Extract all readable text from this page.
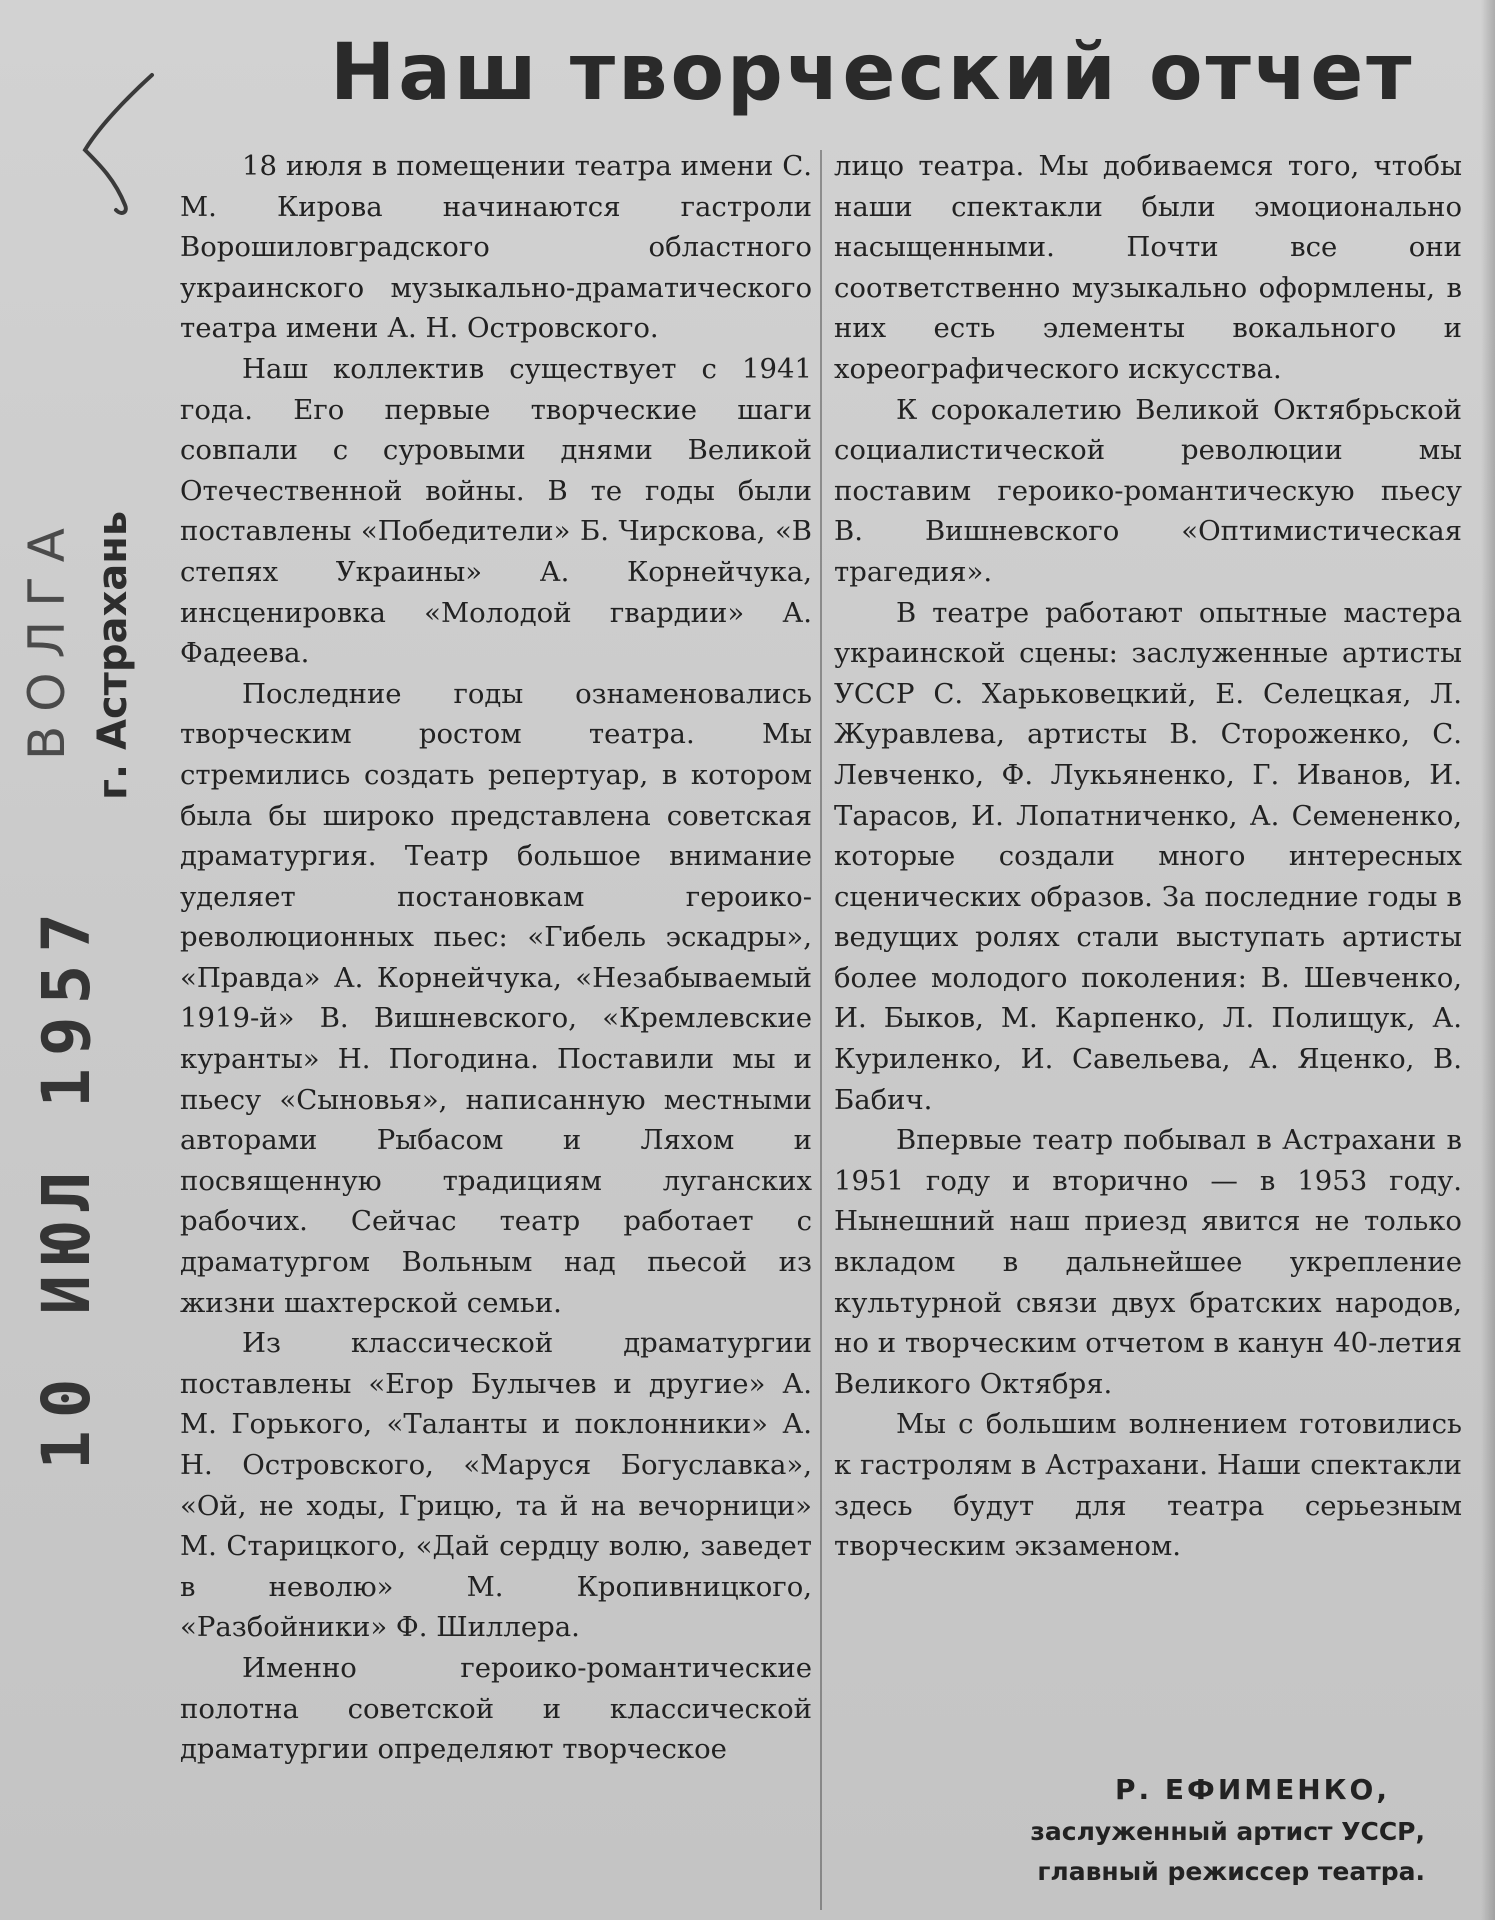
ВОЛГА г. Астрахань
10 ИЮЛ 1957
Наш творческий отчет

18 июля в помещении театра имени С. М. Кирова начинаются гастроли Ворошиловградского областного украинского музыкально-драматического театра имени А. Н. Островского.

Наш коллектив существует с 1941 года. Его первые творческие шаги совпали с суровыми днями Великой Отечественной войны. В те годы были поставлены «Победители» Б. Чирскова, «В степях Украины» А. Корнейчука, инсценировка «Молодой гвардии» А. Фадеева.

Последние годы ознаменовались творческим ростом театра. Мы стремились создать репертуар, в котором была бы широко представлена советская драматургия. Театр большое внимание уделяет постановкам героико-революционных пьес: «Гибель эскадры», «Правда» А. Корнейчука, «Незабываемый 1919-й» В. Вишневского, «Кремлевские куранты» Н. Погодина. Поставили мы и пьесу «Сыновья», написанную местными авторами Рыбасом и Ляхом и посвященную традициям луганских рабочих. Сейчас театр работает с драматургом Вольным над пьесой из жизни шахтерской семьи.

Из классической драматургии поставлены «Егор Булычев и другие» А. М. Горького, «Таланты и поклонники» А. Н. Островского, «Маруся Богуславка», «Ой, не ходы, Грицю, та й на вечорници» М. Старицкого, «Дай сердцу волю, заведет в неволю» М. Кропивницкого, «Разбойники» Ф. Шиллера.

Именно героико-романтические полотна советской и классической драматургии определяют творческое

лицо театра. Мы добиваемся того, чтобы наши спектакли были эмоционально насыщенными. Почти все они соответственно музыкально оформлены, в них есть элементы вокального и хореографического искусства.

К сорокалетию Великой Октябрьской социалистической революции мы поставим героико-романтическую пьесу В. Вишневского «Оптимистическая трагедия».

В театре работают опытные мастера украинской сцены: заслуженные артисты УССР С. Харьковецкий, Е. Селецкая, Л. Журавлева, артисты В. Стороженко, С. Левченко, Ф. Лукьяненко, Г. Иванов, И. Тарасов, И. Лопатниченко, А. Семененко, которые создали много интересных сценических образов. За последние годы в ведущих ролях стали выступать артисты более молодого поколения: В. Шевченко, И. Быков, М. Карпенко, Л. Полищук, А. Куриленко, И. Савельева, А. Яценко, В. Бабич.

Впервые театр побывал в Астрахани в 1951 году и вторично — в 1953 году. Нынешний наш приезд явится не только вкладом в дальнейшее укрепление культурной связи двух братских народов, но и творческим отчетом в канун 40-летия Великого Октября.

Мы с большим волнением готовились к гастролям в Астрахани. Наши спектакли здесь будут для театра серьезным творческим экзаменом.

Р. ЕФИМЕНКО,
заслуженный артист УССР,
главный режиссер театра.
